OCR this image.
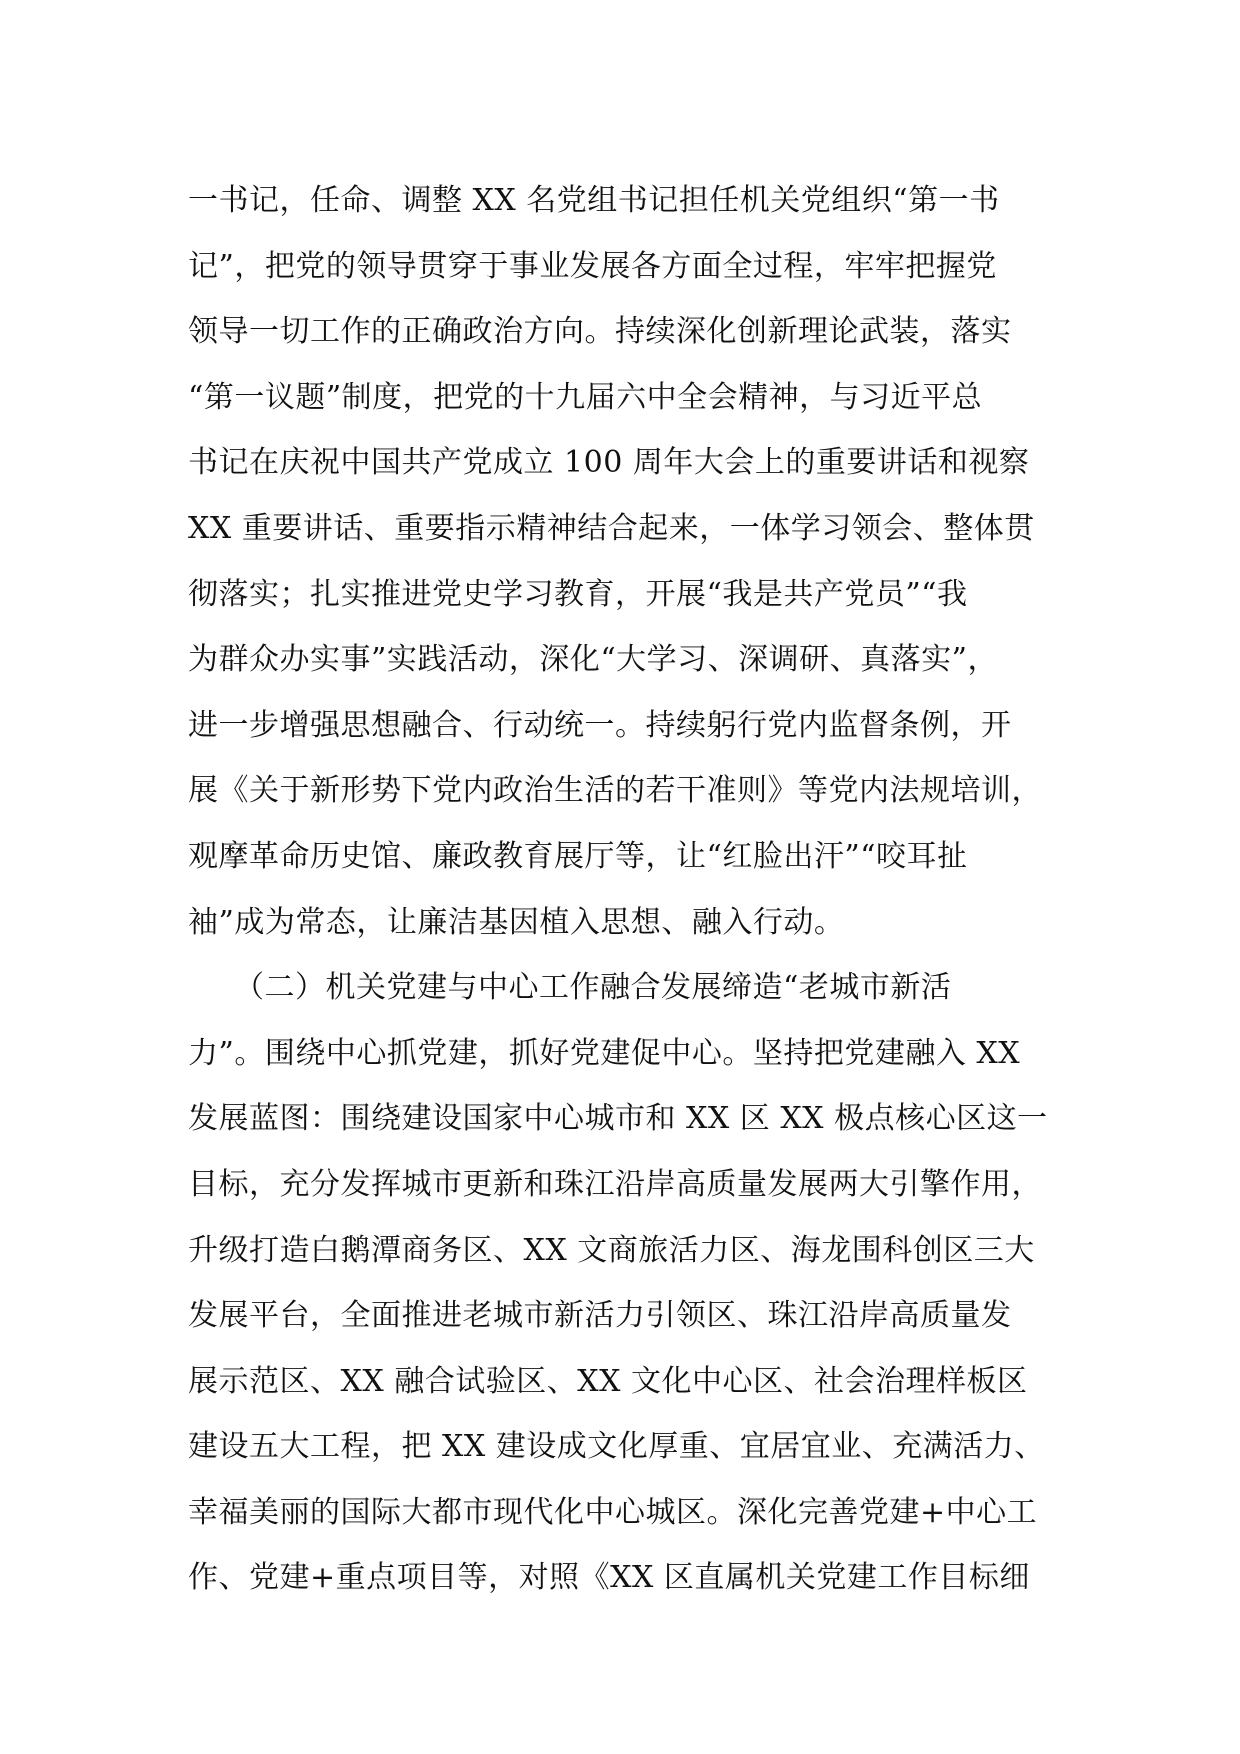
一书记，任命、调整 XX 名党组书记担任机关党组织“第一书
记”，把党的领导贯穿于事业发展各方面全过程，牢牢把握党
领导一切工作的正确政治方向。持续深化创新理论武装，落实
“第一议题”制度，把党的十九届六中全会精神，与习近平总
书记在庆祝中国共产党成立 100 周年大会上的重要讲话和视察
XX 重要讲话、重要指示精神结合起来，一体学习领会、整体贯
彻落实；扎实推进党史学习教育，开展“我是共产党员”“我
为群众办实事”实践活动，深化“大学习、深调研、真落实”，
进一步增强思想融合、行动统一。持续躬行党内监督条例，开
展《关于新形势下党内政治生活的若干准则》等党内法规培训，
观摩革命历史馆、廉政教育展厅等，让“红脸出汗”“咬耳扯
袖”成为常态，让廉洁基因植入思想、融入行动。
　　（二）机关党建与中心工作融合发展缔造“老城市新活
力”。围绕中心抓党建，抓好党建促中心。坚持把党建融入 XX
发展蓝图：围绕建设国家中心城市和 XX 区 XX 极点核心区这一
目标，充分发挥城市更新和珠江沿岸高质量发展两大引擎作用，
升级打造白鹅潭商务区、XX 文商旅活力区、海龙围科创区三大
发展平台，全面推进老城市新活力引领区、珠江沿岸高质量发
展示范区、XX 融合试验区、XX 文化中心区、社会治理样板区
建设五大工程，把 XX 建设成文化厚重、宜居宜业、充满活力、
幸福美丽的国际大都市现代化中心城区。深化完善党建+中心工
作、党建+重点项目等，对照《XX 区直属机关党建工作目标细
